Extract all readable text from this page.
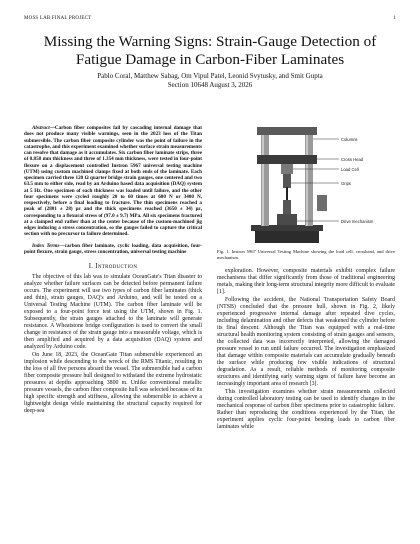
MOSS LAB FINAL PROJECT	1
Missing the Warning Signs: Strain-Gauge Detection of Fatigue Damage in Carbon-Fiber Laminates
Pablo Coral, Matthew Sabag, Om Vipul Patel, Leonid Svytusky, and Smit Gupta
Section 10648 August 3, 2026

Abstract—Carbon fiber composites fail by cascading internal damage that does not produce many visible warnings, seen in the 2023 loss of the Titan submersible. The carbon fiber composite cylinder was the point of failure in the catastrophe, and this experiment examined whether surface strain measurements can resolve that damage as it accumulates. Six carbon fiber laminate strips, three of 0.858 mm thickness and three of 1.354 mm thickness, were tested in four-point flexure on a displacement controlled Instron 5967 universal testing machine (UTM) using custom machined clamps fixed at both ends of the laminate. Each specimen carried three 120 Ω quarter bridge strain gauges, one centered and two 63.5 mm to either side, read by an Arduino based data acquisition (DAQ) system at 5 Hz. One specimen of each thickness was loaded until failure, and the other four specimens were cycled roughly 20 to 60 times at 600 N or 3400 N, respectively, before a final loading to fracture. The thin specimens reached a peak of (2801 ± 28) με and the thick specimens reached (3650 ± 34) με, corresponding to a flexural stress of (97.0 ± 9.7) MPa. All six specimens fractured at a clamped end rather than at the center because of the custom-machined jig edges inducing a stress concentration, so the gauges failed to capture the critical section with no precursor to failure determined.

Index Terms—carbon fiber laminate, cyclic loading, data acquisition, four-point flexure, strain gauge, stress concentration, universal testing machine

I. Introduction

The objective of this lab was to simulate OceanGate's Titan disaster to analyze whether failure surfaces can be detected before permanent failure occurs. The experiment will use two types of carbon fiber laminates (thick and thin), strain gauges, DAQ's and Arduino, and will be tested on a Universal Testing Machine (UTM). The carbon fiber laminate will be exposed to a four-point force test using the UTM, shown in Fig. 1. Subsequently, the strain gauges attached to the laminate will generate resistance. A Wheatstone bridge configuration is used to convert the small change in resistance of the strain gauge into a measurable voltage, which is then amplified and acquired by a data acquisition (DAQ) system and analyzed by Arduino code.

On June 18, 2023, the OceanGate Titan submersible experienced an implosion while descending to the wreck of the RMS Titanic, resulting in the loss of all five persons aboard the vessel. The submersible had a carbon fiber composite pressure hull designed to withstand the extreme hydrostatic pressures at depths approaching 3800 m. Unlike conventional metallic pressure vessels, the carbon fiber composite hull was selected because of its high specific strength and stiffness, allowing the submersible to achieve a lightweight design while maintaining the structural capacity required for deep-sea

Columns
Cross Head
Load Cell
Grips
Drive mechanism

Fig. 1. Instron 5967 Universal Testing Machine showing the load cell, crosshead, and drive mechanism.

exploration. However, composite materials exhibit complex failure mechanisms that differ significantly from those of traditional engineering metals, making their long-term structural integrity more difficult to evaluate [1].

Following the accident, the National Transportation Safety Board (NTSB) concluded that the pressure hull, shown in Fig. 2, likely experienced progressive internal damage after repeated dive cycles, including delamination and other defects that weakened the cylinder before its final descent. Although the Titan was equipped with a real-time structural health monitoring system consisting of strain gauges and sensors, the collected data was incorrectly interpreted, allowing the damaged pressure vessel to run until failure occurred. The investigation emphasized that damage within composite materials can accumulate gradually beneath the surface while producing few visible indications of structural degradation. As a result, reliable methods of monitoring composite structures and identifying early warning signs of failure have become an increasingly important area of research [3].

This investigation examines whether strain measurements collected during controlled laboratory testing can be used to identify changes in the mechanical response of carbon fiber specimens prior to catastrophic failure. Rather than reproducing the conditions experienced by the Titan, the experiment applies cyclic four-point bending loads to carbon fiber laminates while
